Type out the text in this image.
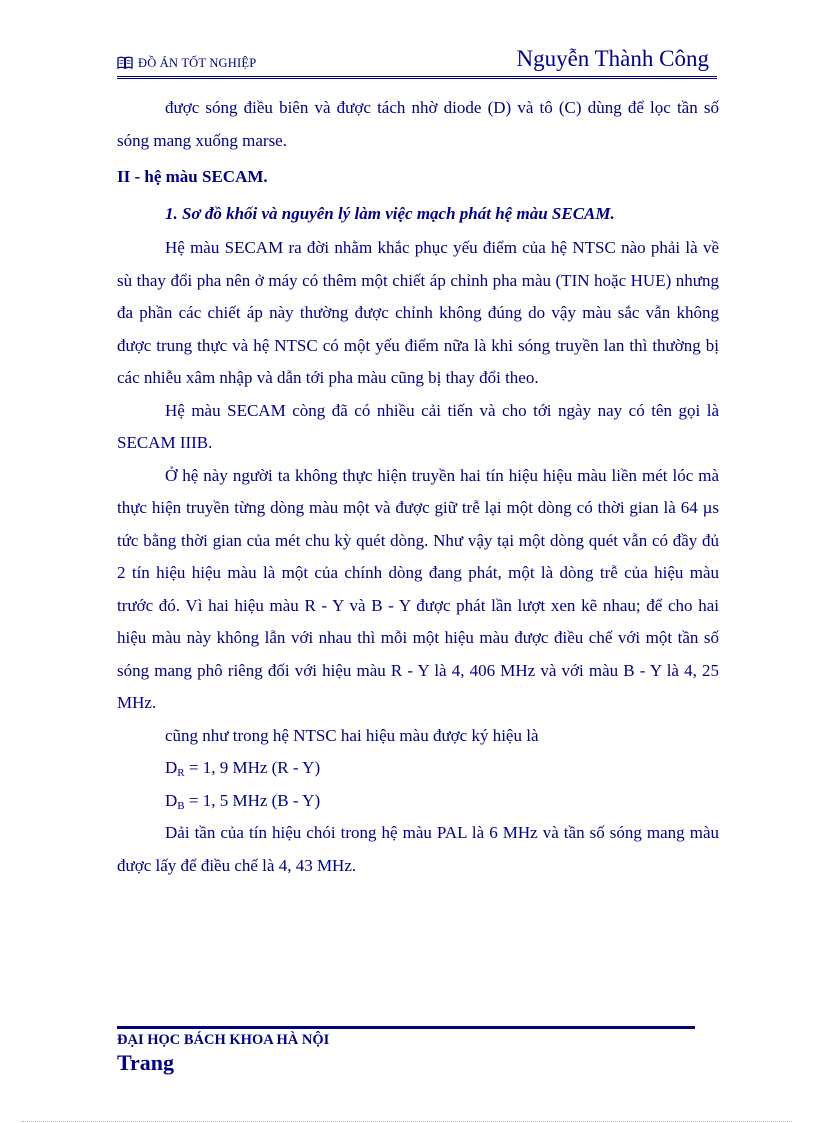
ĐỒ ÁN TỐT NGHIỆP	Nguyễn Thành Công

được sóng điều biên và được tách nhờ diode (D) và tô (C) dùng để lọc tần số sóng mang xuống marse.

II - hệ màu SECAM.

1. Sơ đồ khối và nguyên lý làm việc mạch phát hệ màu SECAM.

Hệ màu SECAM ra đời nhằm khắc phục yếu điểm của hệ NTSC nào phải là về sù thay đổi pha nên ở máy có thêm một chiết áp chỉnh pha màu (TIN hoặc HUE) nhưng đa phần các chiết áp này thường được chỉnh không đúng do vậy màu sắc vẫn không được trung thực và hệ NTSC có một yếu điểm nữa là khi sóng truyền lan thì thường bị các nhiễu xâm nhập và dẫn tới pha màu cũng bị thay đổi theo.

Hệ màu SECAM còng đã có nhiều cải tiến và cho tới ngày nay có tên gọi là SECAM IIIB.

Ở hệ này người ta không thực hiện truyền hai tín hiệu hiệu màu liền mét lóc mà thực hiện truyền từng dòng màu một và được giữ trễ lại một dòng có thời gian là 64 µs tức bằng thời gian của mét chu kỳ quét dòng. Như vậy tại một dòng quét vẫn có đầy đủ 2 tín hiệu hiệu màu là một của chính dòng đang phát, một là dòng trễ của hiệu màu trước đó. Vì hai hiệu màu R - Y và B - Y được phát lần lượt xen kẽ nhau; để cho hai hiệu màu này không lẫn với nhau thì mỗi một hiệu màu được điều chế với một tần số sóng mang phô riêng đối với hiệu màu R - Y là 4, 406 MHz và với màu B - Y là 4, 25 MHz.

cũng như trong hệ NTSC hai hiệu màu được ký hiệu là

$D_R = 1$, 9 MHz (R - Y)

$D_B = 1$, 5 MHz (B - Y)

Dải tần của tín hiệu chói trong hệ màu PAL là 6 MHz và tần số sóng mang màu được lấy để điều chế là 4, 43 MHz.

ĐẠI HỌC BÁCH KHOA HÀ NỘI
Trang
